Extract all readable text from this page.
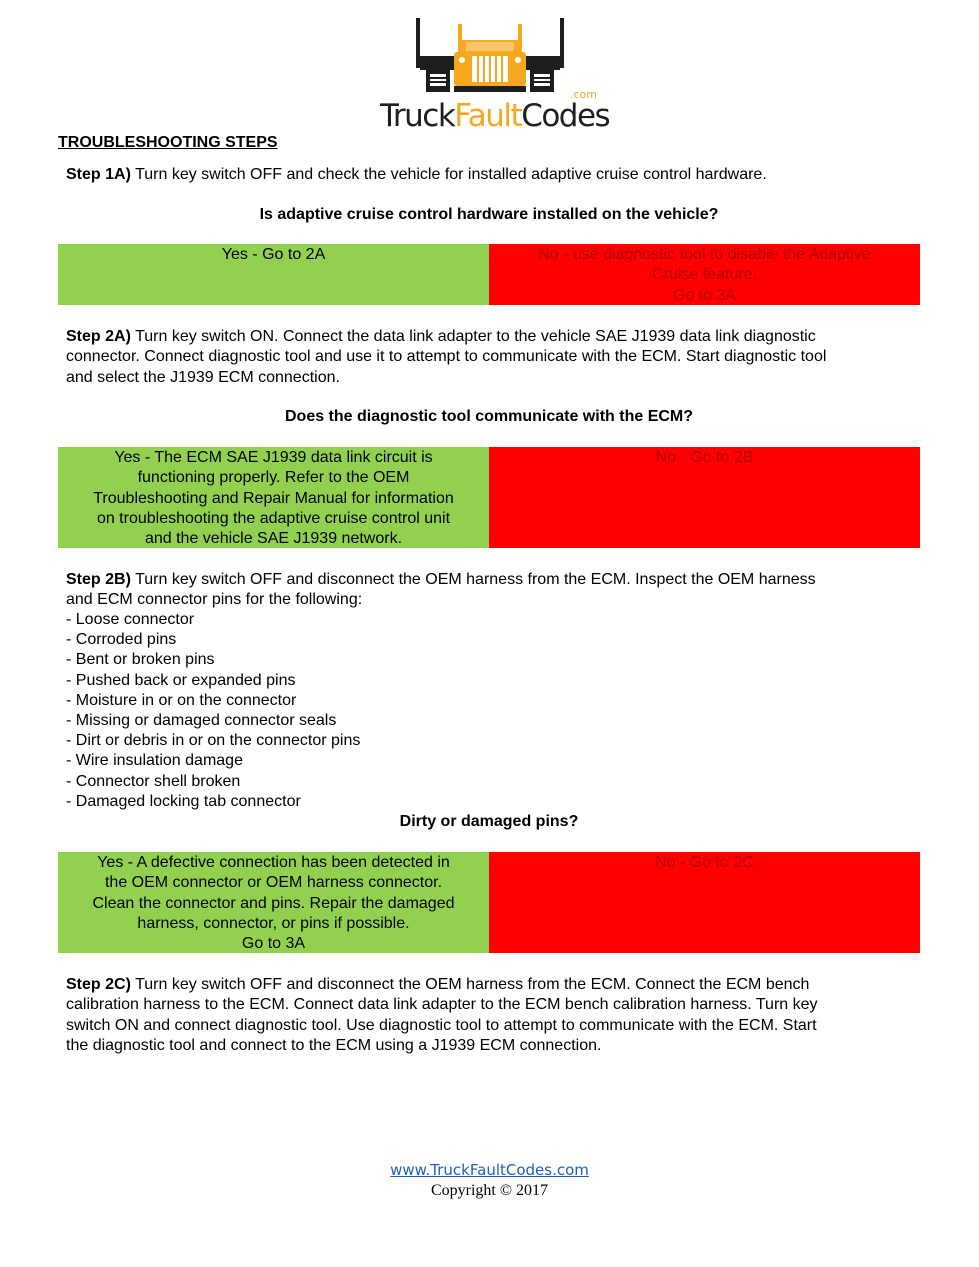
TruckFaultCodes
.com
TROUBLESHOOTING STEPS
Step 1A) Turn key switch OFF and check the vehicle for installed adaptive cruise control hardware.
Is adaptive cruise control hardware installed on the vehicle?
Yes - Go to 2A	No - use diagnostic tool to disable the Adaptive
Cruise feature.
Go to 3A
Step 2A) Turn key switch ON. Connect the data link adapter to the vehicle SAE J1939 data link diagnostic
connector. Connect diagnostic tool and use it to attempt to communicate with the ECM. Start diagnostic tool
and select the J1939 ECM connection.
Does the diagnostic tool communicate with the ECM?
Yes - The ECM SAE J1939 data link circuit is
functioning properly. Refer to the OEM
Troubleshooting and Repair Manual for information
on troubleshooting the adaptive cruise control unit
and the vehicle SAE J1939 network.
No - Go to 2B
Step 2B) Turn key switch OFF and disconnect the OEM harness from the ECM. Inspect the OEM harness
and ECM connector pins for the following:
- Loose connector
- Corroded pins
- Bent or broken pins
- Pushed back or expanded pins
- Moisture in or on the connector
- Missing or damaged connector seals
- Dirt or debris in or on the connector pins
- Wire insulation damage
- Connector shell broken
- Damaged locking tab connector
Dirty or damaged pins?
Yes - A defective connection has been detected in
the OEM connector or OEM harness connector.
Clean the connector and pins. Repair the damaged
harness, connector, or pins if possible.
Go to 3A
No - Go to 2C
Step 2C) Turn key switch OFF and disconnect the OEM harness from the ECM. Connect the ECM bench
calibration harness to the ECM. Connect data link adapter to the ECM bench calibration harness. Turn key
switch ON and connect diagnostic tool. Use diagnostic tool to attempt to communicate with the ECM. Start
the diagnostic tool and connect to the ECM using a J1939 ECM connection.
www.TruckFaultCodes.com
Copyright © 2017
